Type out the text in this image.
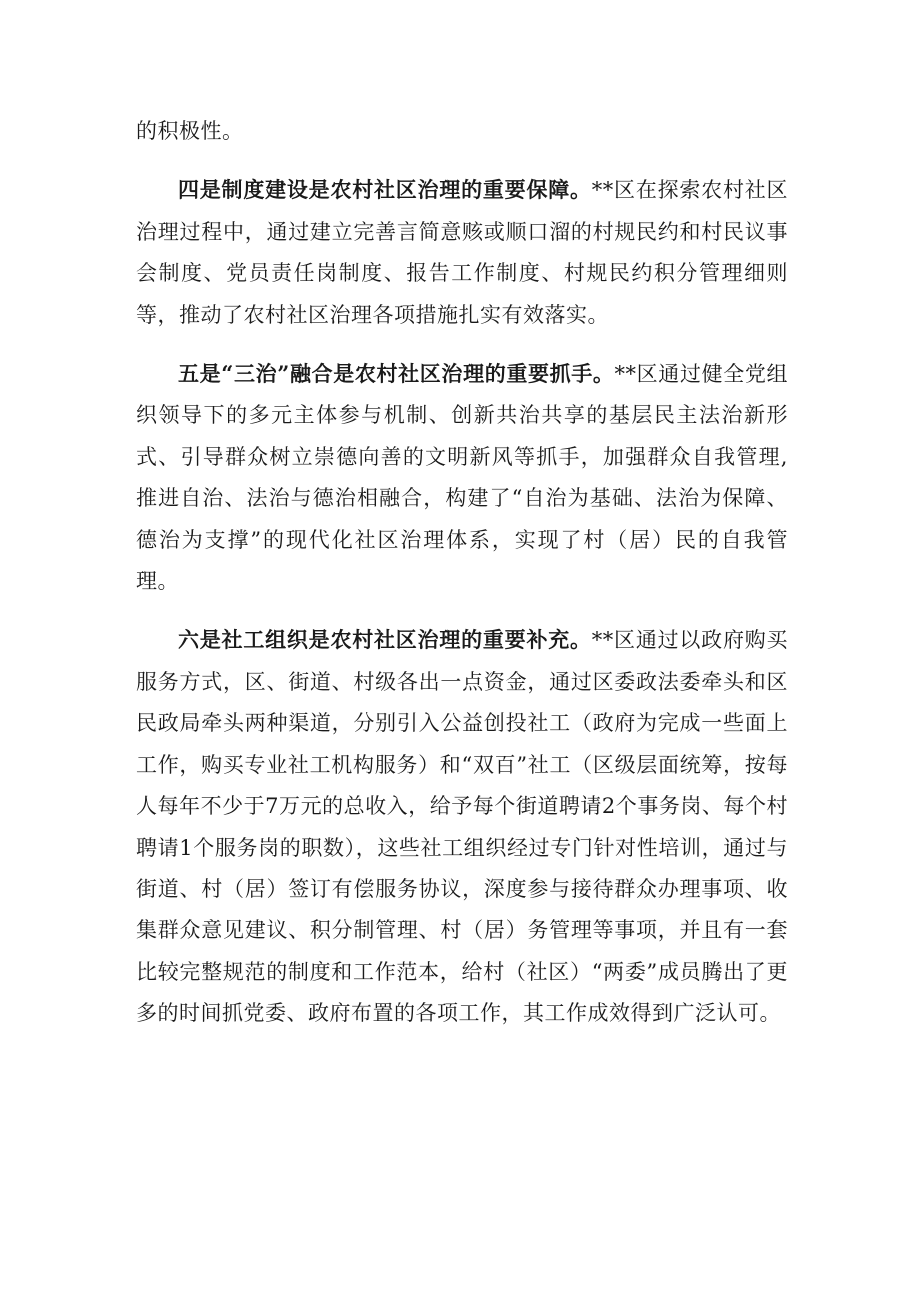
的积极性。

四是制度建设是农村社区治理的重要保障。**区在探索农村社区治理过程中，通过建立完善言简意赅或顺口溜的村规民约和村民议事会制度、党员责任岗制度、报告工作制度、村规民约积分管理细则等，推动了农村社区治理各项措施扎实有效落实。

五是“三治”融合是农村社区治理的重要抓手。**区通过健全党组织领导下的多元主体参与机制、创新共治共享的基层民主法治新形式、引导群众树立崇德向善的文明新风等抓手，加强群众自我管理,推进自治、法治与德治相融合，构建了“自治为基础、法治为保障、德治为支撑”的现代化社区治理体系，实现了村（居）民的自我管理。

六是社工组织是农村社区治理的重要补充。**区通过以政府购买服务方式，区、街道、村级各出一点资金，通过区委政法委牵头和区民政局牵头两种渠道，分别引入公益创投社工（政府为完成一些面上工作，购买专业社工机构服务）和“双百”社工（区级层面统筹，按每人每年不少于7万元的总收入，给予每个街道聘请2个事务岗、每个村聘请1个服务岗的职数），这些社工组织经过专门针对性培训，通过与街道、村（居）签订有偿服务协议，深度参与接待群众办理事项、收集群众意见建议、积分制管理、村（居）务管理等事项，并且有一套比较完整规范的制度和工作范本，给村（社区）“两委”成员腾出了更多的时间抓党委、政府布置的各项工作，其工作成效得到广泛认可。
